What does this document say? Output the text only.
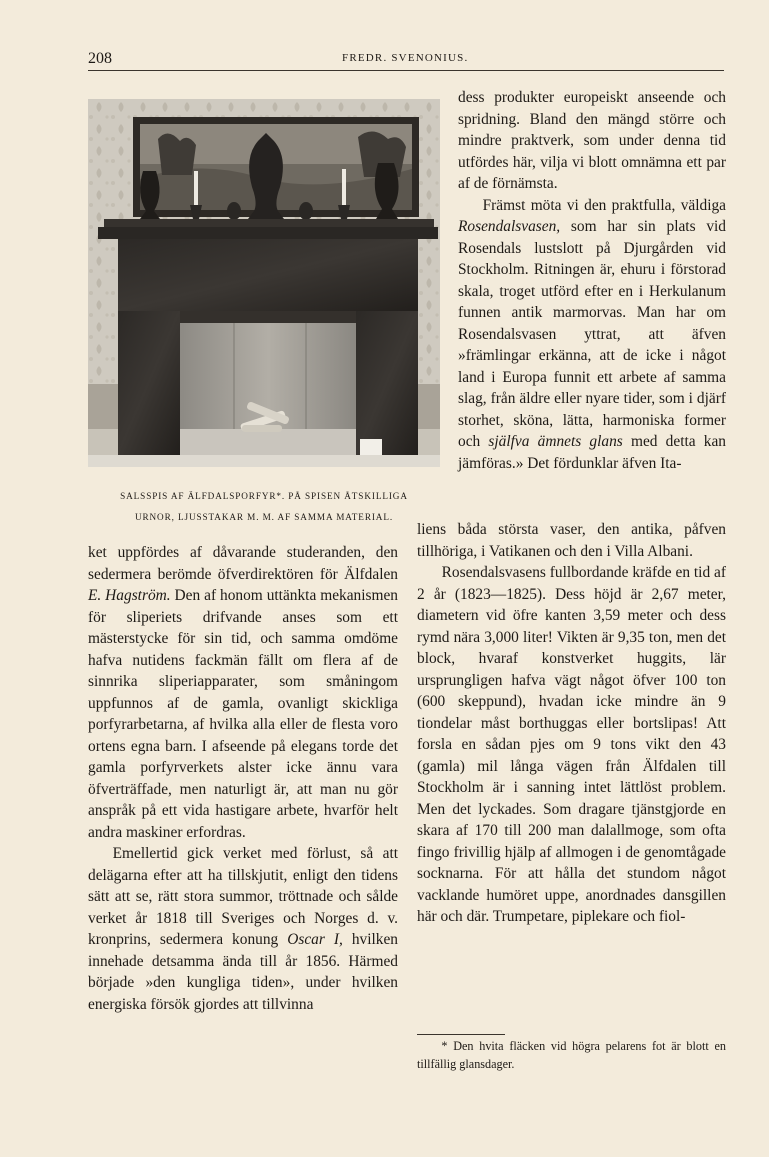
208	FREDR. SVENONIUS.
SALSSPIS AF ÄLFDALSPORFYR*. PÅ SPISEN ÅTSKILLIGA
URNOR, LJUSSTAKAR M. M. AF SAMMA MATERIAL.

dess produkter europeiskt anseende och spridning. Bland den mängd större och mindre praktverk, som under denna tid utfördes här, vilja vi blott omnämna ett par af de förnämsta.

Främst möta vi den praktfulla, väldiga Rosendalsvasen, som har sin plats vid Rosendals lustslott på Djurgården vid Stockholm. Ritningen är, ehuru i förstorad skala, troget utförd efter en i Herkulanum funnen antik marmorvas. Man har om Rosendalsvasen yttrat, att äfven »främlingar erkänna, att de icke i något land i Europa funnit ett arbete af samma slag, från äldre eller nyare tider, som i djärf storhet, sköna, lätta, harmoniska former och själfva ämnets glans med detta kan jämföras.» Det fördunklar äfven Ita-

ket uppfördes af dåvarande studeranden, den sedermera berömde öfverdirektören för Älfdalen E. Hagström. Den af honom uttänkta mekanismen för sliperiets drifvande anses som ett mästerstycke för sin tid, och samma omdöme hafva nutidens fackmän fällt om flera af de sinnrika sliperiapparater, som småningom uppfunnos af de gamla, ovanligt skickliga porfyrarbetarna, af hvilka alla eller de flesta voro ortens egna barn. I afseende på elegans torde det gamla porfyrverkets alster icke ännu vara öfverträffade, men naturligt är, att man nu gör anspråk på ett vida hastigare arbete, hvarför helt andra maskiner erfordras.

Emellertid gick verket med förlust, så att delägarna efter att ha tillskjutit, enligt den tidens sätt att se, rätt stora summor, tröttnade och sålde verket år 1818 till Sveriges och Norges d. v. kronprins, sedermera konung Oscar I, hvilken innehade detsamma ända till år 1856. Härmed började »den kungliga tiden», under hvilken energiska försök gjordes att tillvinna

liens båda största vaser, den antika, påfven tillhöriga, i Vatikanen och den i Villa Albani.

Rosendalsvasens fullbordande kräfde en tid af 2 år (1823—1825). Dess höjd är 2,67 meter, diametern vid öfre kanten 3,59 meter och dess rymd nära 3,000 liter! Vikten är 9,35 ton, men det block, hvaraf konstverket huggits, lär ursprungligen hafva vägt något öfver 100 ton (600 skeppund), hvadan icke mindre än 9 tiondelar måst borthuggas eller bortslipas! Att forsla en sådan pjes om 9 tons vikt den 43 (gamla) mil långa vägen från Älfdalen till Stockholm är i sanning intet lättlöst problem. Men det lyckades. Som dragare tjänstgjorde en skara af 170 till 200 man dalallmoge, som ofta fingo frivillig hjälp af allmogen i de genomtågade socknarna. För att hålla det stundom något vacklande humöret uppe, anordnades dansgillen här och där. Trumpetare, piplekare och fiol-

* Den hvita fläcken vid högra pelarens fot är blott en tillfällig glansdager.
